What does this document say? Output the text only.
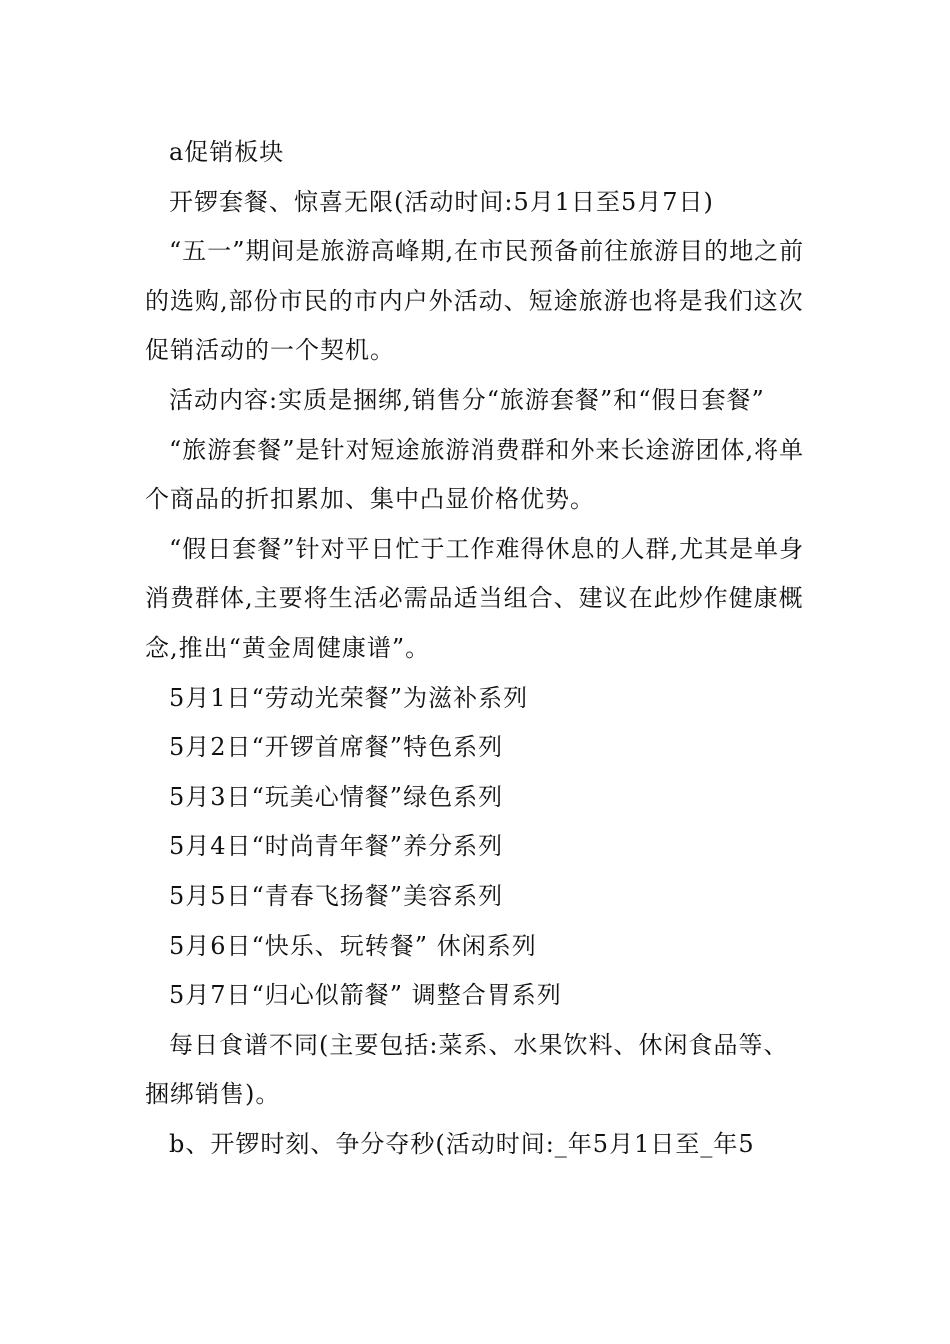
a促销板块

开锣套餐、惊喜无限(活动时间:5月1日至5月7日)

“五一”期间是旅游高峰期,在市民预备前往旅游目的地之前的选购,部份市民的市内户外活动、短途旅游也将是我们这次促销活动的一个契机。

活动内容:实质是捆绑,销售分“旅游套餐”和“假日套餐”

“旅游套餐”是针对短途旅游消费群和外来长途游团体,将单个商品的折扣累加、集中凸显价格优势。

“假日套餐”针对平日忙于工作难得休息的人群,尤其是单身消费群体,主要将生活必需品适当组合、建议在此炒作健康概念,推出“黄金周健康谱”。

5月1日“劳动光荣餐”为滋补系列

5月2日“开锣首席餐”特色系列

5月3日“玩美心情餐”绿色系列

5月4日“时尚青年餐”养分系列

5月5日“青春飞扬餐”美容系列

5月6日“快乐、玩转餐” 休闲系列

5月7日“归心似箭餐” 调整合胃系列

每日食谱不同(主要包括:菜系、水果饮料、休闲食品等、捆绑销售)。

b、开锣时刻、争分夺秒(活动时间:_年5月1日至_年5
